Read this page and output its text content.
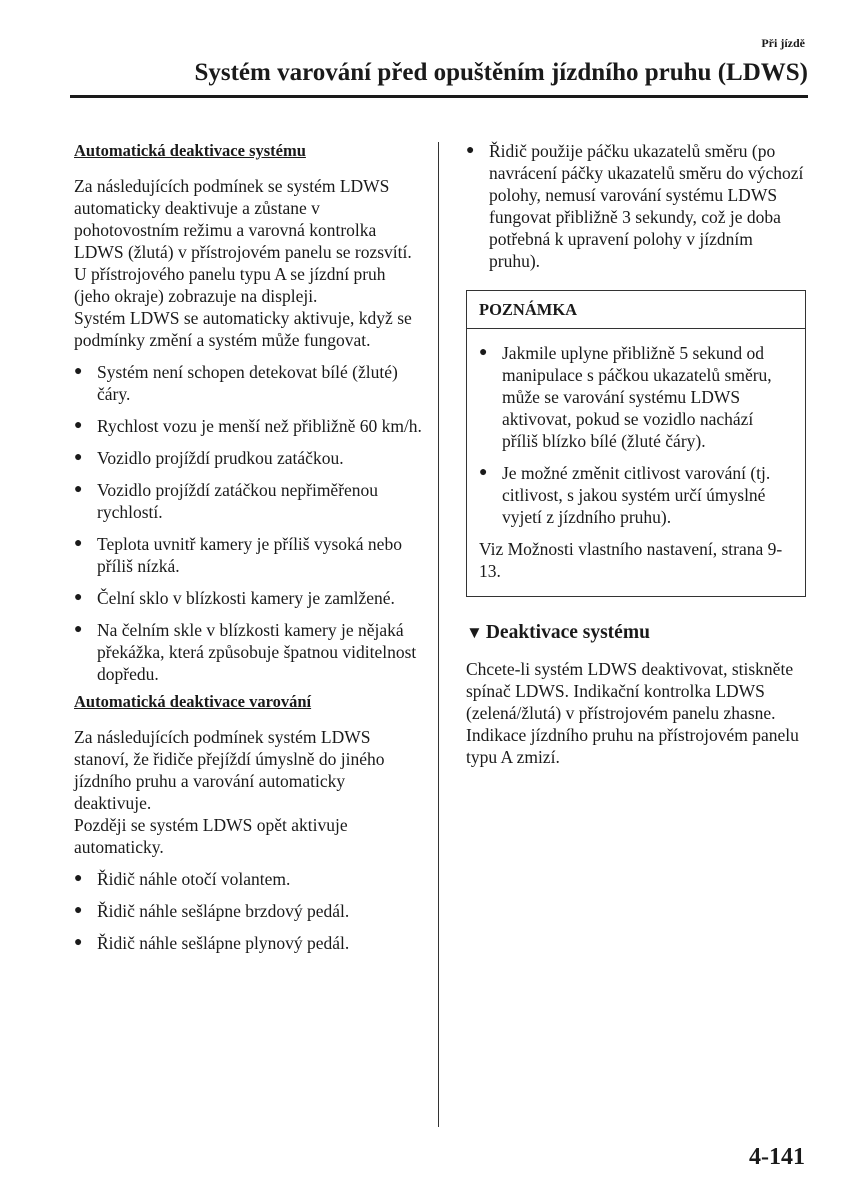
Při jízdě
Systém varování před opuštěním jízdního pruhu (LDWS)
Automatická deaktivace systému

Za následujících podmínek se systém LDWS automaticky deaktivuje a zůstane v pohotovostním režimu a varovná kontrolka LDWS (žlutá) v přístrojovém panelu se rozsvítí.

U přístrojového panelu typu A se jízdní pruh (jeho okraje) zobrazuje na displeji.

Systém LDWS se automaticky aktivuje, když se podmínky změní a systém může fungovat.

● Systém není schopen detekovat bílé (žluté) čáry.
● Rychlost vozu je menší než přibližně 60 km/h.
● Vozidlo projíždí prudkou zatáčkou.
● Vozidlo projíždí zatáčkou nepřiměřenou rychlostí.
● Teplota uvnitř kamery je příliš vysoká nebo příliš nízká.
● Čelní sklo v blízkosti kamery je zamlžené.
● Na čelním skle v blízkosti kamery je nějaká překážka, která způsobuje špatnou viditelnost dopředu.
Automatická deaktivace varování

Za následujících podmínek systém LDWS stanoví, že řidiče přejíždí úmyslně do jiného jízdního pruhu a varování automaticky deaktivuje.

Později se systém LDWS opět aktivuje automaticky.

● Řidič náhle otočí volantem.
● Řidič náhle sešlápne brzdový pedál.
● Řidič náhle sešlápne plynový pedál.
● Řidič použije páčku ukazatelů směru (po navrácení páčky ukazatelů směru do výchozí polohy, nemusí varování systému LDWS fungovat přibližně 3 sekundy, což je doba potřebná k upravení polohy v jízdním pruhu).
POZNÁMKA
● Jakmile uplyne přibližně 5 sekund od manipulace s páčkou ukazatelů směru, může se varování systému LDWS aktivovat, pokud se vozidlo nachází příliš blízko bílé (žluté čáry).
● Je možné změnit citlivost varování (tj. citlivost, s jakou systém určí úmyslné vyjetí z jízdního pruhu).

Viz Možnosti vlastního nastavení, strana 9-13.

▼ Deaktivace systému

Chcete-li systém LDWS deaktivovat, stiskněte spínač LDWS. Indikační kontrolka LDWS (zelená/žlutá) v přístrojovém panelu zhasne.

Indikace jízdního pruhu na přístrojovém panelu typu A zmizí.

4-141
